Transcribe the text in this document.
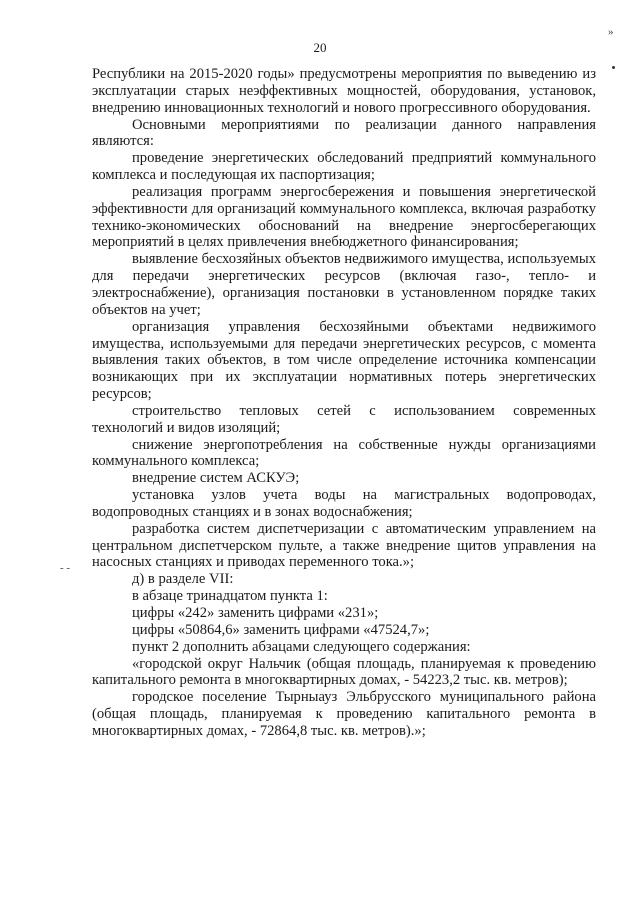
20
»
- -

Республики на 2015-2020 годы» предусмотрены мероприятия по выведению из эксплуатации старых неэффективных мощностей, оборудования, установок, внедрению инновационных технологий и нового прогрессивного оборудования.

Основными мероприятиями по реализации данного направления являются:

проведение энергетических обследований предприятий коммунального комплекса и последующая их паспортизация;

реализация программ энергосбережения и повышения энергетической эффективности для организаций коммунального комплекса, включая разработку технико-экономических обоснований на внедрение энергосберегающих мероприятий в целях привлечения внебюджетного финансирования;

выявление бесхозяйных объектов недвижимого имущества, используемых для передачи энергетических ресурсов (включая газо-, тепло- и электроснабжение), организация постановки в установленном порядке таких объектов на учет;

организация управления бесхозяйными объектами недвижимого имущества, используемыми для передачи энергетических ресурсов, с момента выявления таких объектов, в том числе определение источника компенсации возникающих при их эксплуатации нормативных потерь энергетических ресурсов;

строительство тепловых сетей с использованием современных технологий и видов изоляций;

снижение энергопотребления на собственные нужды организациями коммунального комплекса;

внедрение систем АСКУЭ;

установка узлов учета воды на магистральных водопроводах, водопроводных станциях и в зонах водоснабжения;

разработка систем диспетчеризации с автоматическим управлением на центральном диспетчерском пульте, а также внедрение щитов управления на насосных станциях и приводах переменного тока.»;

д) в разделе VII:

в абзаце тринадцатом пункта 1:

цифры «242» заменить цифрами «231»;

цифры «50864,6» заменить цифрами «47524,7»;

пункт 2 дополнить абзацами следующего содержания:

«городской округ Нальчик (общая площадь, планируемая к проведению капитального ремонта в многоквартирных домах, - 54223,2 тыс. кв. метров);

городское поселение Тырныауз Эльбрусского муниципального района (общая площадь, планируемая к проведению капитального ремонта в многоквартирных домах, - 72864,8 тыс. кв. метров).»;
